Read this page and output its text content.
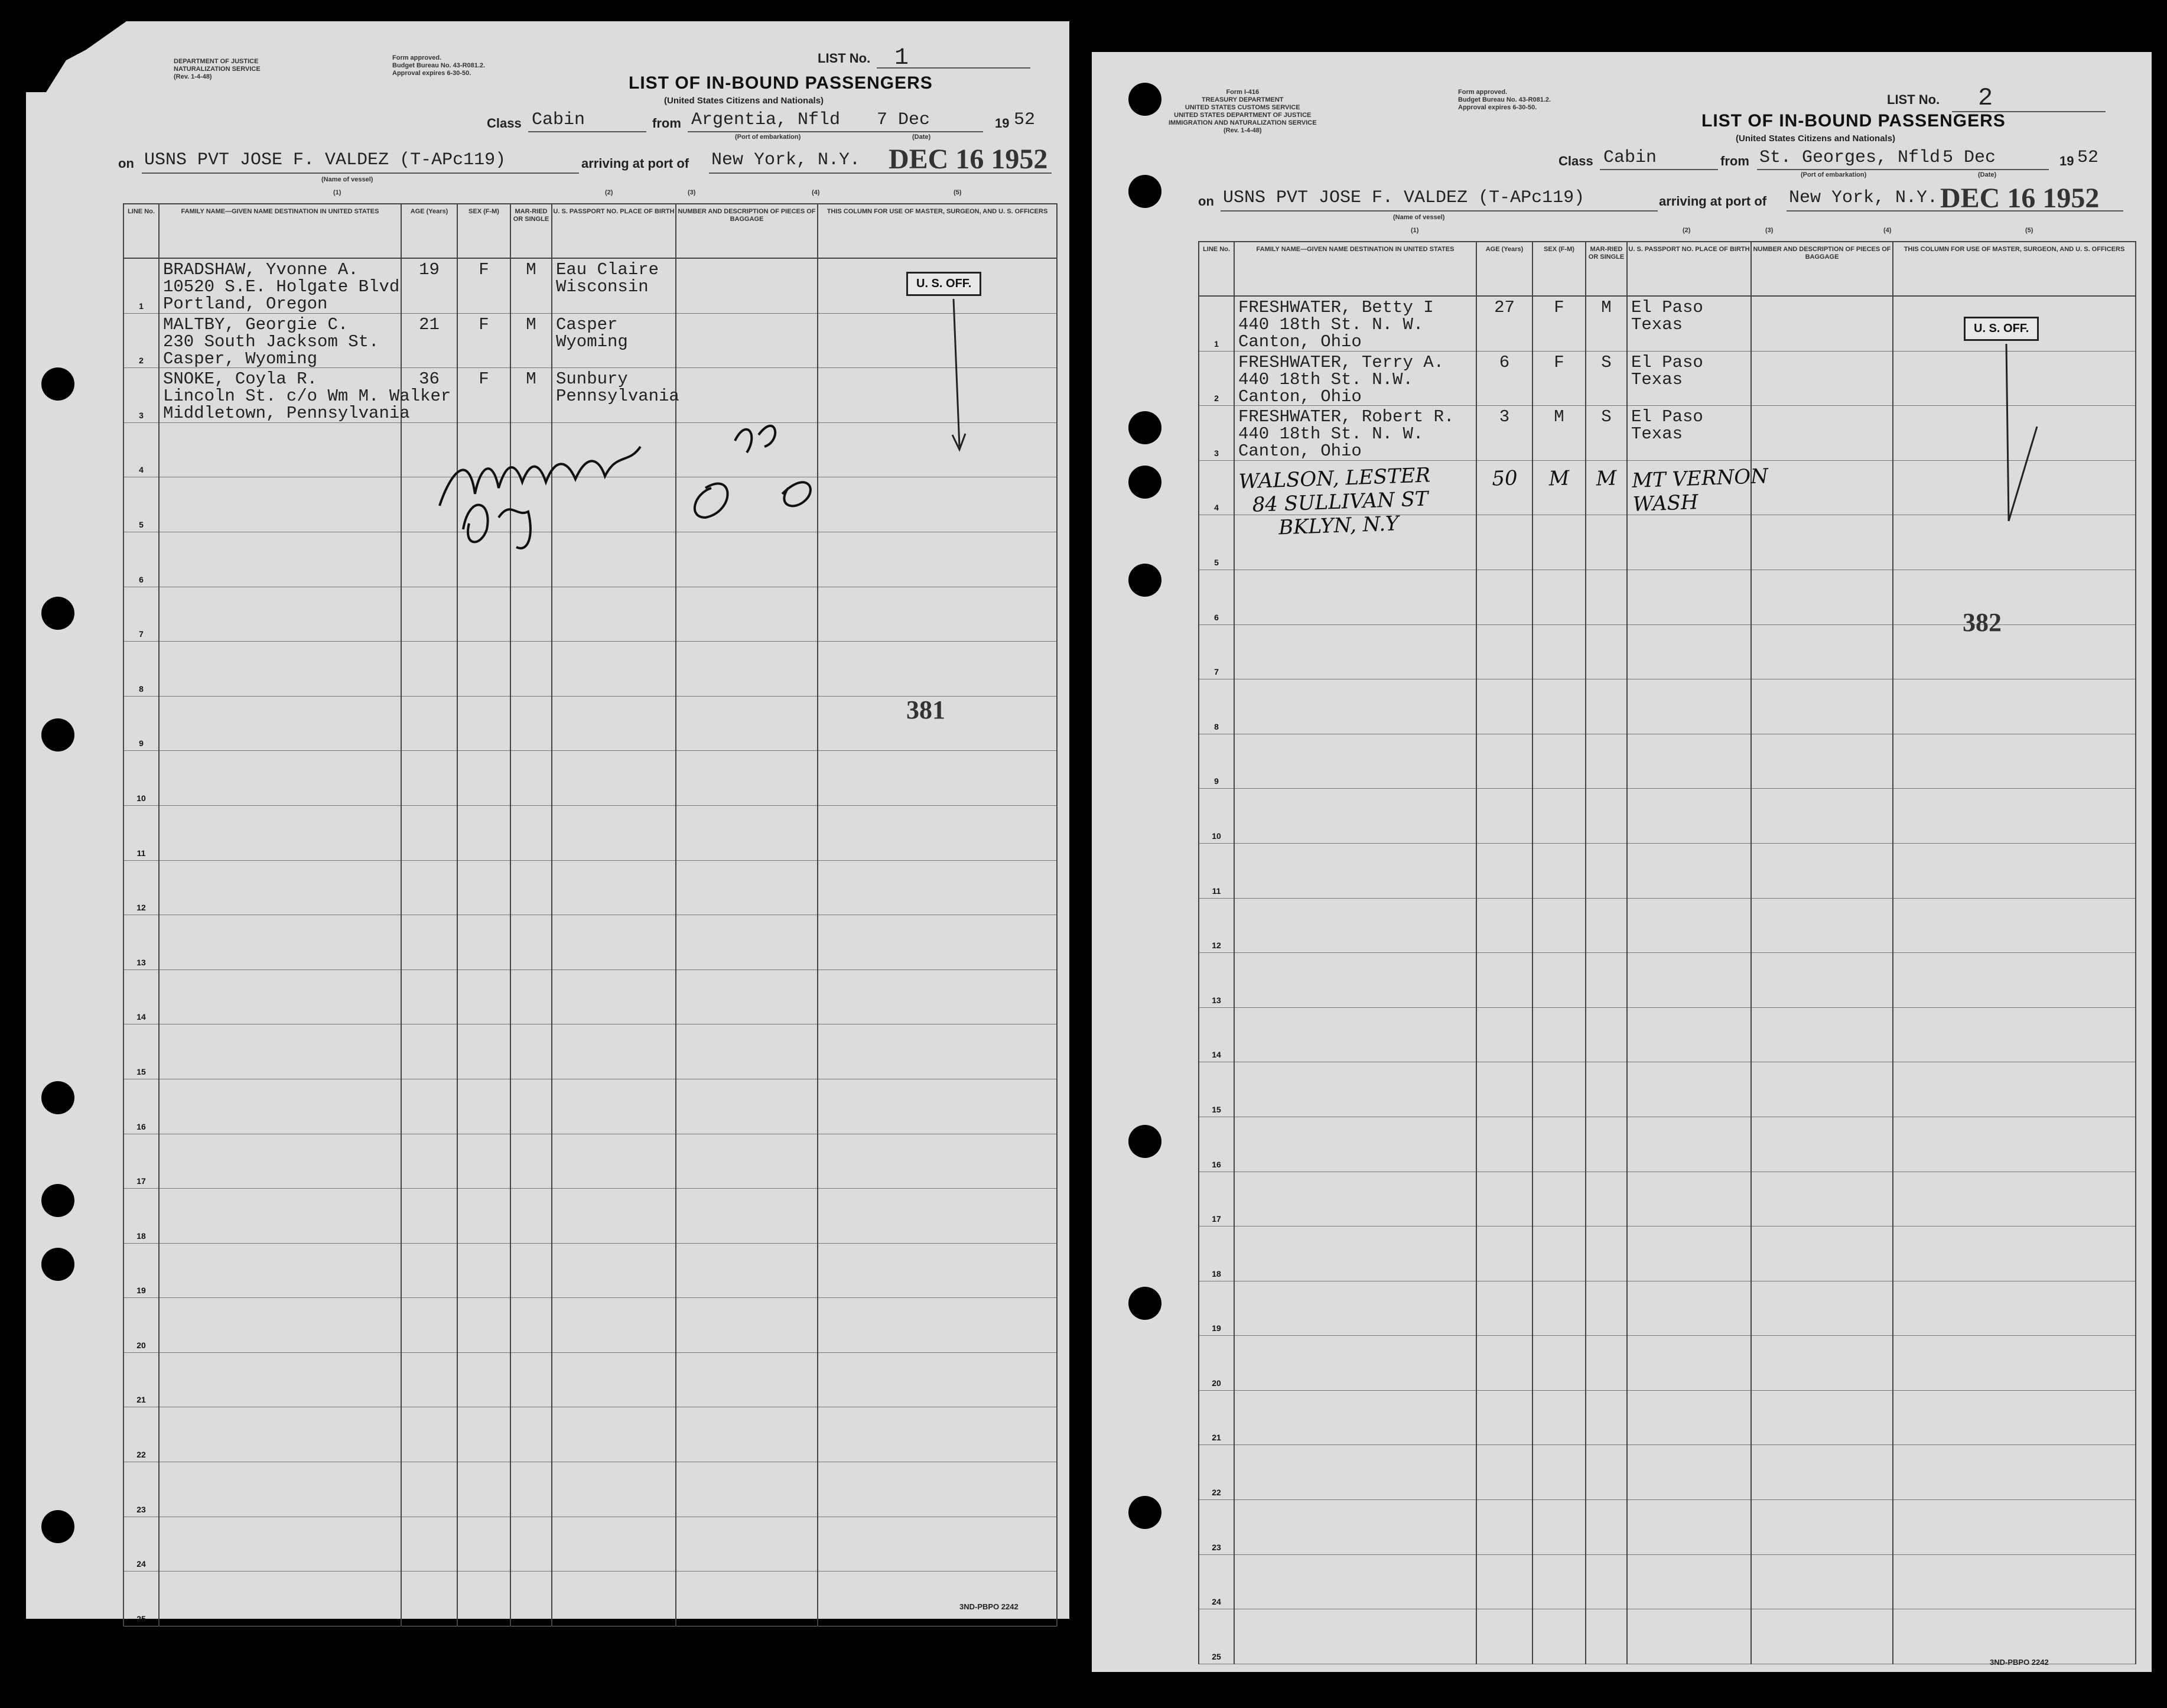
DEPARTMENT OF JUSTICE
NATURALIZATION SERVICE
(Rev. 1-4-48)
Form approved.
Budget Bureau No. 43-R081.2.
Approval expires 6-30-50.
LIST No. 1
LIST OF IN-BOUND PASSENGERS
(United States Citizens and Nationals)
Class Cabin	from Argentia, Nfld 7 Dec	19 52
(Port of embarkation)	(Date)
on USNS PVT JOSE F. VALDEZ (T-APc119)
(Name of vessel)
arriving at port of New York, N.Y. DEC 16 1952
(1)	(2)	(3)	(4)	(5)
LINE No.	FAMILY NAME—GIVEN NAME DESTINATION IN UNITED STATES	AGE (Years)	SEX (F-M)	MAR-RIED OR SINGLE	U. S. PASSPORT NO. PLACE OF BIRTH	NUMBER AND DESCRIPTION OF PIECES OF BAGGAGE	THIS COLUMN FOR USE OF MASTER, SURGEON, AND U. S. OFFICERS
1	BRADSHAW, Yvonne A.
10520 S.E. Holgate Blvd
Portland, Oregon	19	F	M	Eau Claire
Wisconsin		

2	MALTBY, Georgie C.
230 South Jacksom St.
Casper, Wyoming	21	F	M	Casper
Wyoming		

3	SNOKE, Coyla R.
Lincoln St. c/o Wm M. Walker
Middletown, Pennsylvania	36	F	M	Sunbury
Pennsylvania		

4							
5							
6							
7							
8							
9							
10							
11							
12							
13							
14							
15							
16							
17							
18							
19							
20							
21							
22							
23							
24							
25							
U. S. OFF.
381
3ND-PBPO 2242
Form I-416
TREASURY DEPARTMENT
UNITED STATES CUSTOMS SERVICE
UNITED STATES DEPARTMENT OF JUSTICE
IMMIGRATION AND NATURALIZATION SERVICE
(Rev. 1-4-48)
Form approved.
Budget Bureau No. 43-R081.2.
Approval expires 6-30-50.
LIST No. 2
LIST OF IN-BOUND PASSENGERS
(United States Citizens and Nationals)
Class Cabin	from St. Georges, Nfld 5 Dec	19 52
(Port of embarkation)	(Date)
on USNS PVT JOSE F. VALDEZ (T-APc119)
(Name of vessel)
arriving at port of New York, N.Y. DEC 16 1952
(1)	(2)	(3)	(4)	(5)
LINE No.	FAMILY NAME—GIVEN NAME DESTINATION IN UNITED STATES	AGE (Years)	SEX (F-M)	MAR-RIED OR SINGLE	U. S. PASSPORT NO. PLACE OF BIRTH	NUMBER AND DESCRIPTION OF PIECES OF BAGGAGE	THIS COLUMN FOR USE OF MASTER, SURGEON, AND U. S. OFFICERS
1	FRESHWATER, Betty I
440 18th St. N. W.
Canton, Ohio	27	F	M	El Paso
Texas		

2	FRESHWATER, Terry A.
440 18th St. N.W.
Canton, Ohio	6	F	S	El Paso
Texas		

3	FRESHWATER, Robert R.
440 18th St. N. W.
Canton, Ohio	3	M	S	El Paso
Texas		

4	WALSON, LESTER
84 SULLIVAN ST
BKLYN, N.Y	50	M	M	MT VERNON
WASH		

5							
6							
7							
8							
9							
10							
11							
12							
13							
14							
15							
16							
17							
18							
19							
20							
21							
22							
23							
24							
25							
U. S. OFF.
382
3ND-PBPO 2242
